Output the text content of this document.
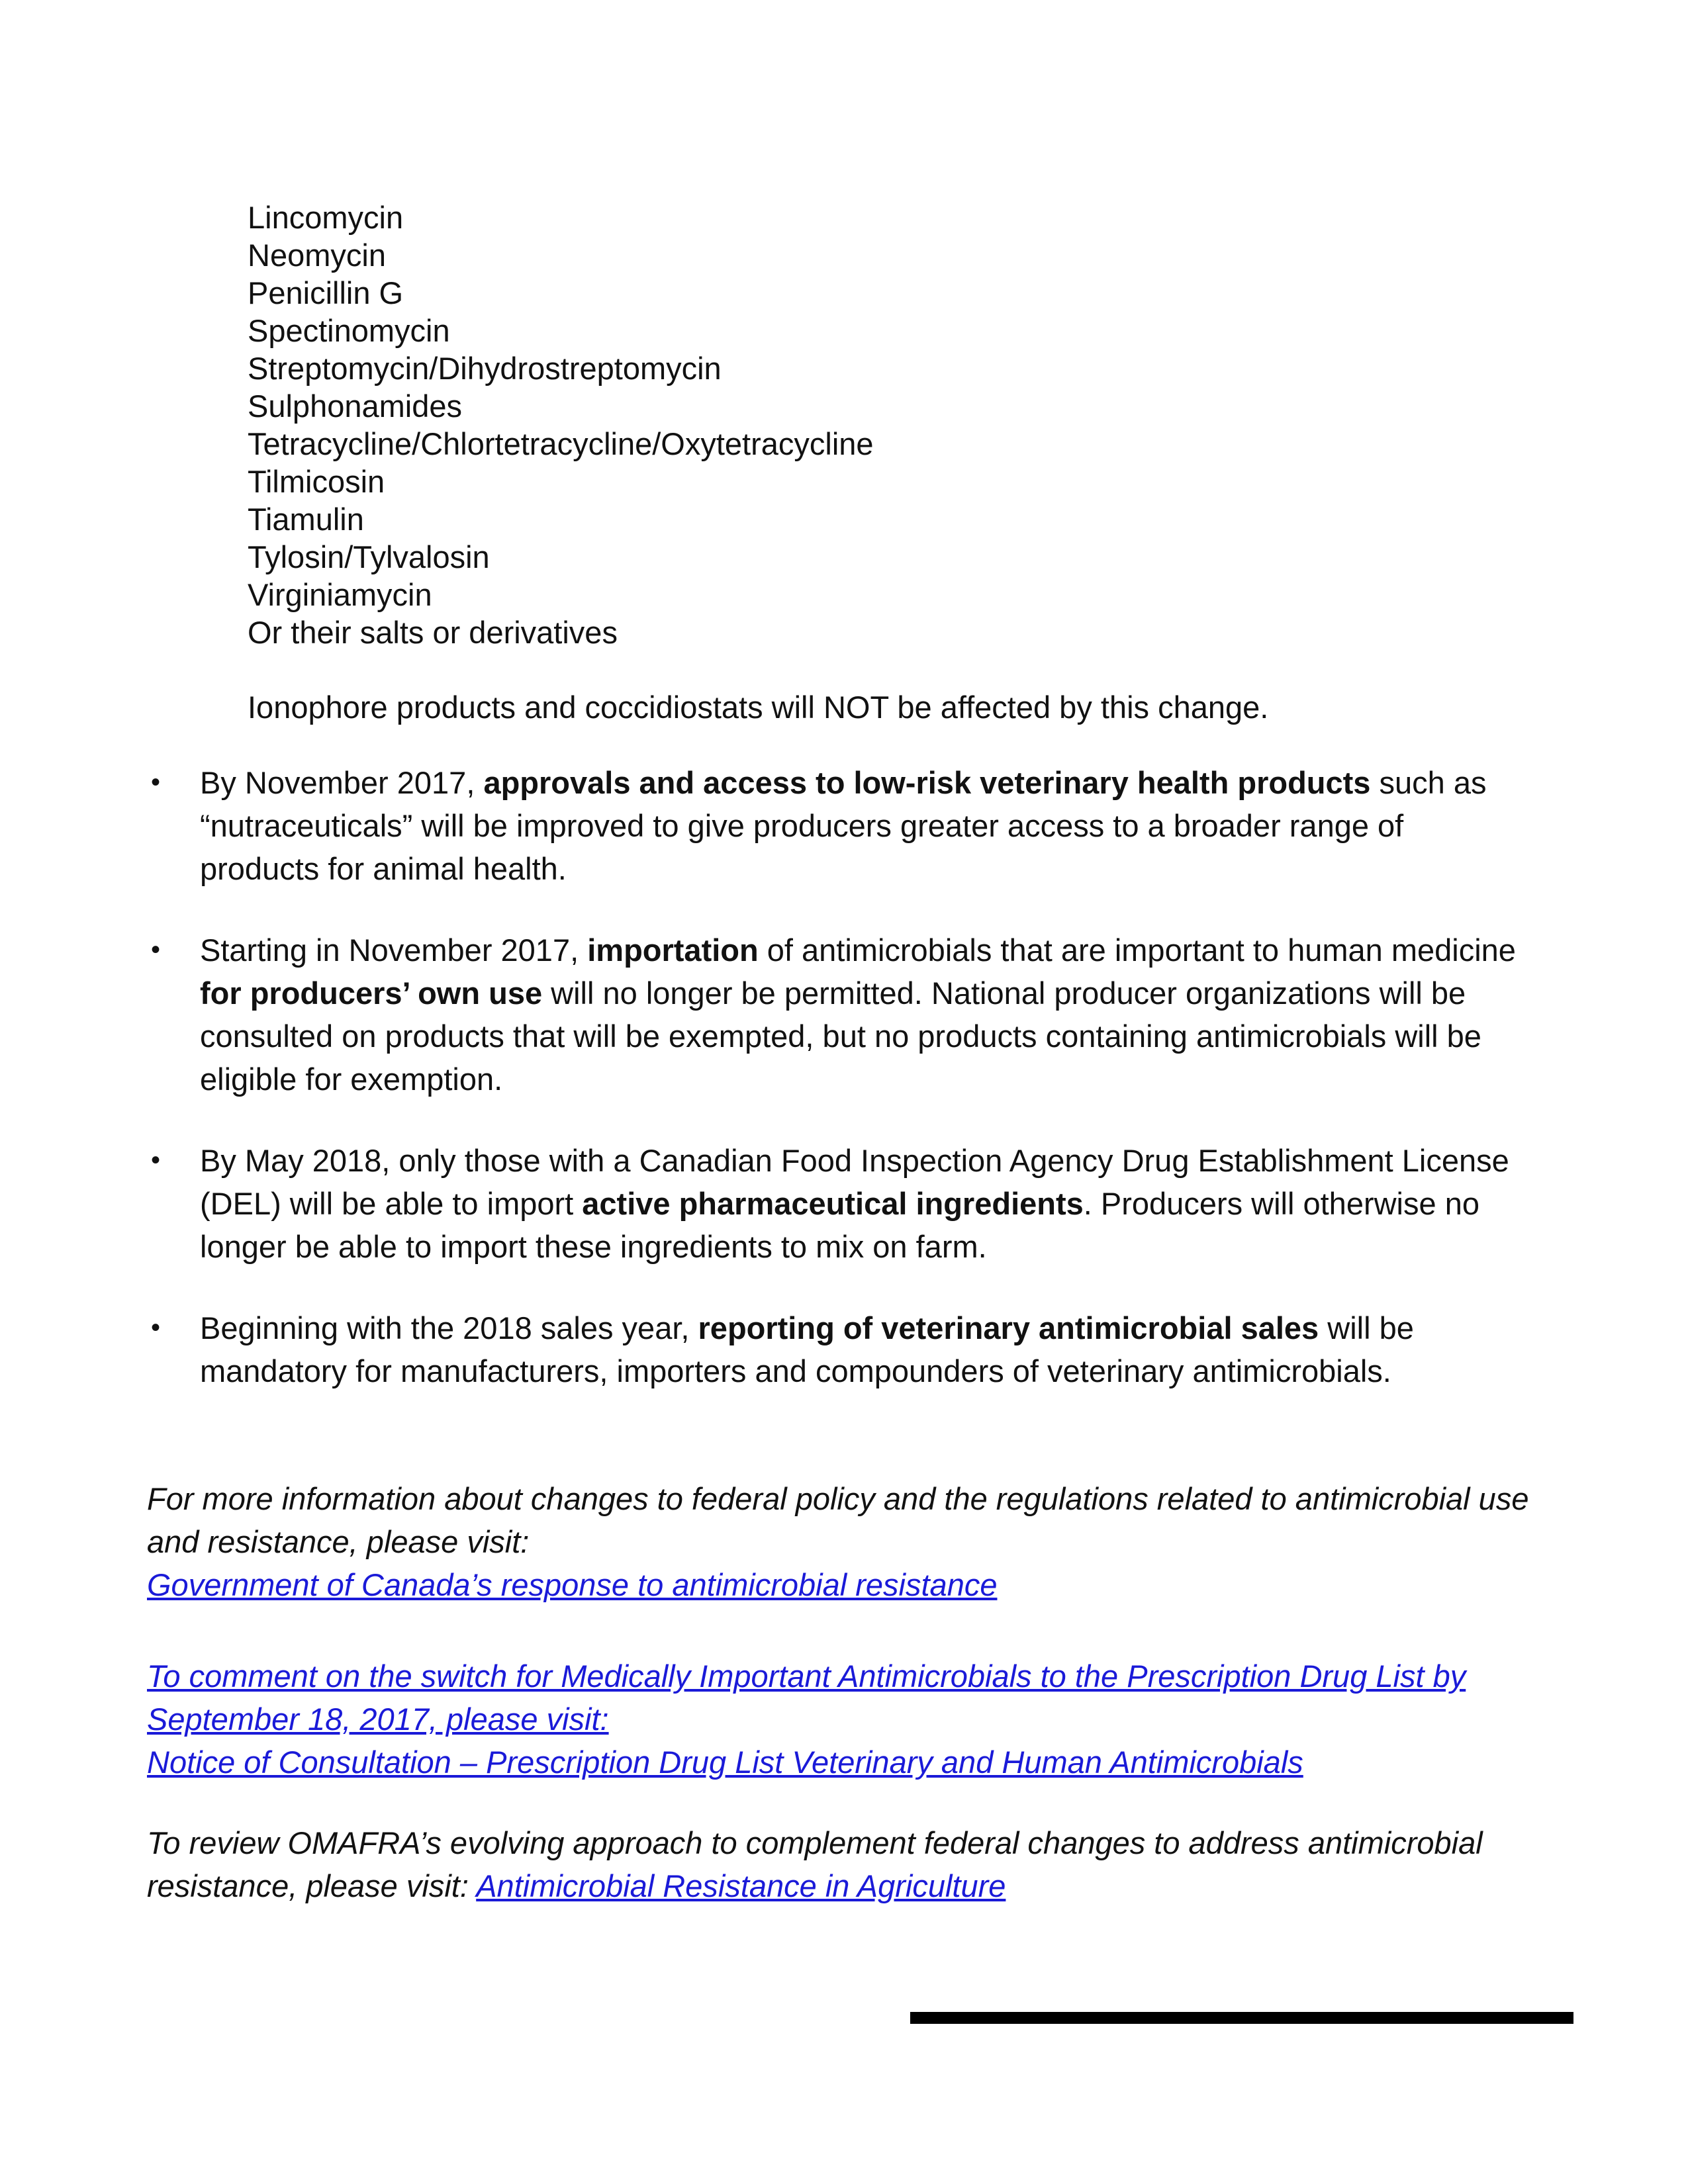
Lincomycin
Neomycin
Penicillin G
Spectinomycin
Streptomycin/Dihydrostreptomycin
Sulphonamides
Tetracycline/Chlortetracycline/Oxytetracycline
Tilmicosin
Tiamulin
Tylosin/Tylvalosin
Virginiamycin
Or their salts or derivatives

Ionophore products and coccidiostats will NOT be affected by this change.

•	By November 2017, approvals and access to low-risk veterinary health products such as “nutraceuticals” will be improved to give producers greater access to a broader range of products for animal health.

•	Starting in November 2017, importation of antimicrobials that are important to human medicine for producers’ own use will no longer be permitted. National producer organizations will be consulted on products that will be exempted, but no products containing antimicrobials will be eligible for exemption.

•	By May 2018, only those with a Canadian Food Inspection Agency Drug Establishment License (DEL) will be able to import active pharmaceutical ingredients. Producers will otherwise no longer be able to import these ingredients to mix on farm.

•	Beginning with the 2018 sales year, reporting of veterinary antimicrobial sales will be mandatory for manufacturers, importers and compounders of veterinary antimicrobials.

For more information about changes to federal policy and the regulations related to antimicrobial use and resistance, please visit:
Government of Canada’s response to antimicrobial resistance

To comment on the switch for Medically Important Antimicrobials to the Prescription Drug List by September 18, 2017, please visit:
Notice of Consultation – Prescription Drug List Veterinary and Human Antimicrobials

To review OMAFRA’s evolving approach to complement federal changes to address antimicrobial resistance, please visit: Antimicrobial Resistance in Agriculture
